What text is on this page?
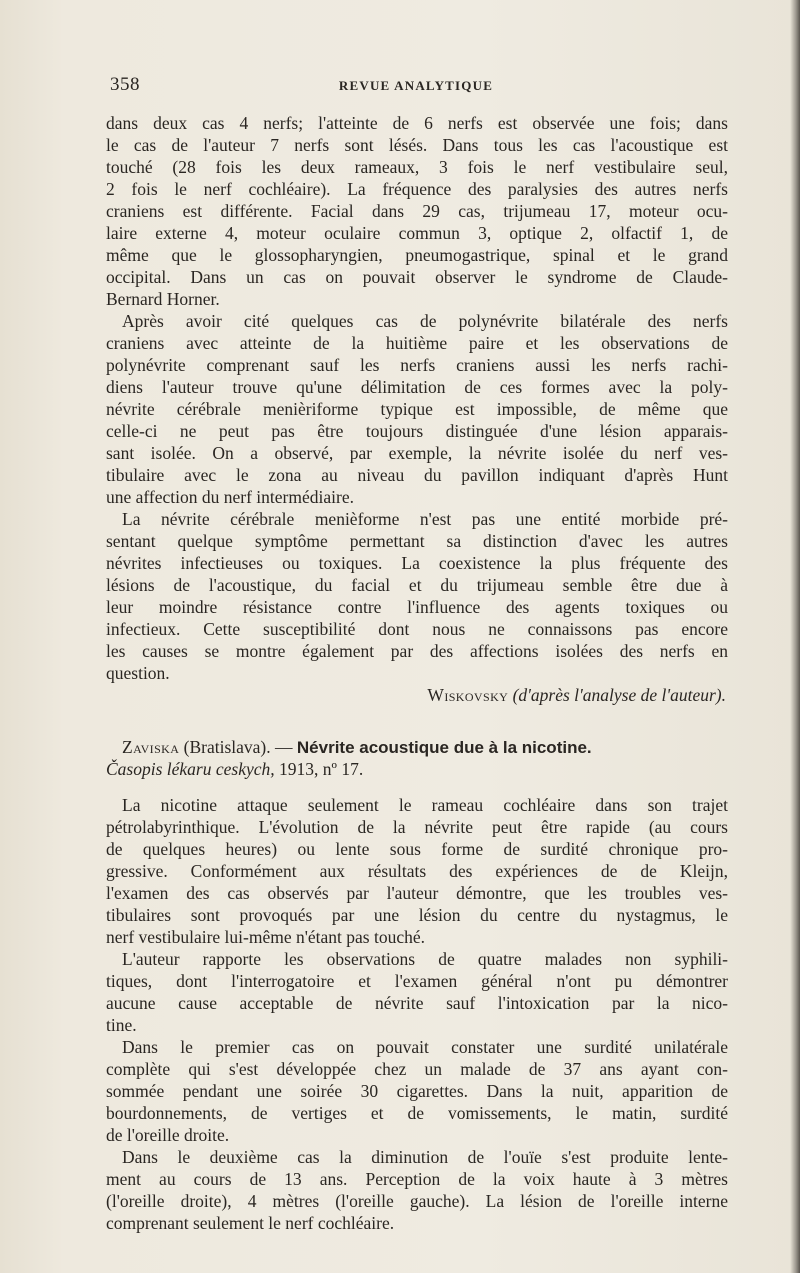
358	REVUE ANALYTIQUE
dans deux cas 4 nerfs; l'atteinte de 6 nerfs est observée une fois; dans
le cas de l'auteur 7 nerfs sont lésés. Dans tous les cas l'acoustique est
touché (28 fois les deux rameaux, 3 fois le nerf vestibulaire seul,
2 fois le nerf cochléaire). La fréquence des paralysies des autres nerfs
craniens est différente. Facial dans 29 cas, trijumeau 17, moteur ocu-
laire externe 4, moteur oculaire commun 3, optique 2, olfactif 1, de
même que le glossopharyngien, pneumogastrique, spinal et le grand
occipital. Dans un cas on pouvait observer le syndrome de Claude-
Bernard Horner.
Après avoir cité quelques cas de polynévrite bilatérale des nerfs
craniens avec atteinte de la huitième paire et les observations de
polynévrite comprenant sauf les nerfs craniens aussi les nerfs rachi-
diens l'auteur trouve qu'une délimitation de ces formes avec la poly-
névrite cérébrale menièriforme typique est impossible, de même que
celle-ci ne peut pas être toujours distinguée d'une lésion apparais-
sant isolée. On a observé, par exemple, la névrite isolée du nerf ves-
tibulaire avec le zona au niveau du pavillon indiquant d'après Hunt
une affection du nerf intermédiaire.
La névrite cérébrale menièforme n'est pas une entité morbide pré-
sentant quelque symptôme permettant sa distinction d'avec les autres
névrites infectieuses ou toxiques. La coexistence la plus fréquente des
lésions de l'acoustique, du facial et du trijumeau semble être due à
leur moindre résistance contre l'influence des agents toxiques ou
infectieux. Cette susceptibilité dont nous ne connaissons pas encore
les causes se montre également par des affections isolées des nerfs en
question.
Wiskovsky (d'après l'analyse de l'auteur).
Zaviska (Bratislava). — Névrite acoustique due à la nicotine.
Časopis lékaru ceskych, 1913, nº 17.
La nicotine attaque seulement le rameau cochléaire dans son trajet
pétrolabyrinthique. L'évolution de la névrite peut être rapide (au cours
de quelques heures) ou lente sous forme de surdité chronique pro-
gressive. Conformément aux résultats des expériences de de Kleijn,
l'examen des cas observés par l'auteur démontre, que les troubles ves-
tibulaires sont provoqués par une lésion du centre du nystagmus, le
nerf vestibulaire lui-même n'étant pas touché.
L'auteur rapporte les observations de quatre malades non syphili-
tiques, dont l'interrogatoire et l'examen général n'ont pu démontrer
aucune cause acceptable de névrite sauf l'intoxication par la nico-
tine.
Dans le premier cas on pouvait constater une surdité unilatérale
complète qui s'est développée chez un malade de 37 ans ayant con-
sommée pendant une soirée 30 cigarettes. Dans la nuit, apparition de
bourdonnements, de vertiges et de vomissements, le matin, surdité
de l'oreille droite.
Dans le deuxième cas la diminution de l'ouïe s'est produite lente-
ment au cours de 13 ans. Perception de la voix haute à 3 mètres
(l'oreille droite), 4 mètres (l'oreille gauche). La lésion de l'oreille interne
comprenant seulement le nerf cochléaire.
